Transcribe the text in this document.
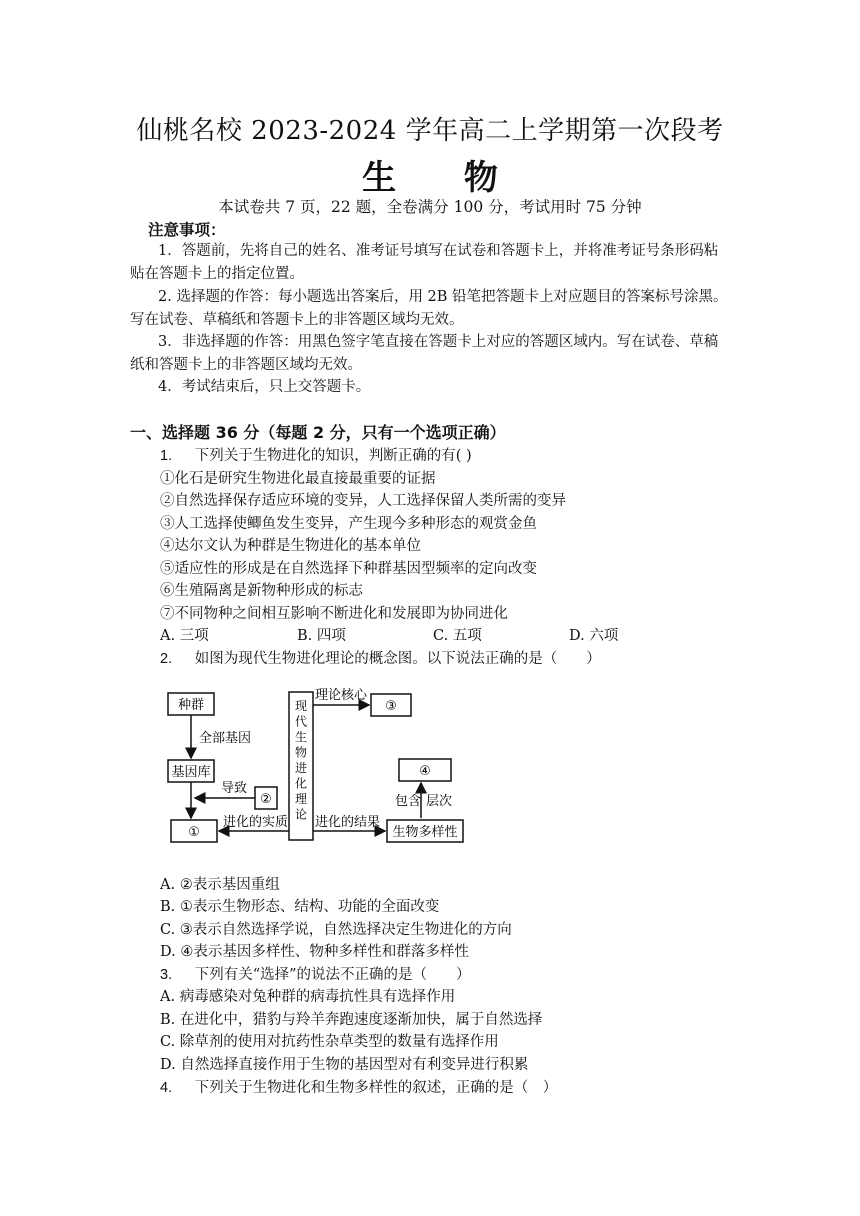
仙桃名校 2023-2024 学年高二上学期第一次段考
生 物
本试卷共 7 页，22 题，全卷满分 100 分，考试用时 75 分钟
注意事项：
1．答题前，先将自己的姓名、准考证号填写在试卷和答题卡上，并将准考证号条形码粘贴在答题卡上的指定位置。
2. 选择题的作答：每小题选出答案后，用 2B 铅笔把答题卡上对应题目的答案标号涂黑。写在试卷、草稿纸和答题卡上的非答题区域均无效。
3．非选择题的作答：用黑色签字笔直接在答题卡上对应的答题区域内。写在试卷、草稿纸和答题卡上的非答题区域均无效。
4．考试结束后，只上交答题卡。
一、选择题 36 分（每题 2 分，只有一个选项正确）
1. 下列关于生物进化的知识，判断正确的有( )
①化石是研究生物进化最直接最重要的证据
②自然选择保存适应环境的变异，人工选择保留人类所需的变异
③人工选择使鲫鱼发生变异，产生现今多种形态的观赏金鱼
④达尔文认为种群是生物进化的基本单位
⑤适应性的形成是在自然选择下种群基因型频率的定向改变
⑥生殖隔离是新物种形成的标志
⑦不同物种之间相互影响不断进化和发展即为协同进化
A. 三项	B. 四项	C. 五项	D. 六项
2. 如图为现代生物进化理论的概念图。以下说法正确的是（　　）
种群
全部基因
基因库
②
导致
①
进化的实质
现代生物进化理论
理论核心
③
④
包含 层次
进化的结果
生物多样性
A. ②表示基因重组
B. ①表示生物形态、结构、功能的全面改变
C. ③表示自然选择学说，自然选择决定生物进化的方向
D. ④表示基因多样性、物种多样性和群落多样性
3. 下列有关“选择”的说法不正确的是（　　）
A. 病毒感染对兔种群的病毒抗性具有选择作用
B. 在进化中，猎豹与羚羊奔跑速度逐渐加快，属于自然选择
C. 除草剂的使用对抗药性杂草类型的数量有选择作用
D. 自然选择直接作用于生物的基因型对有利变异进行积累
4. 下列关于生物进化和生物多样性的叙述，正确的是（　）
